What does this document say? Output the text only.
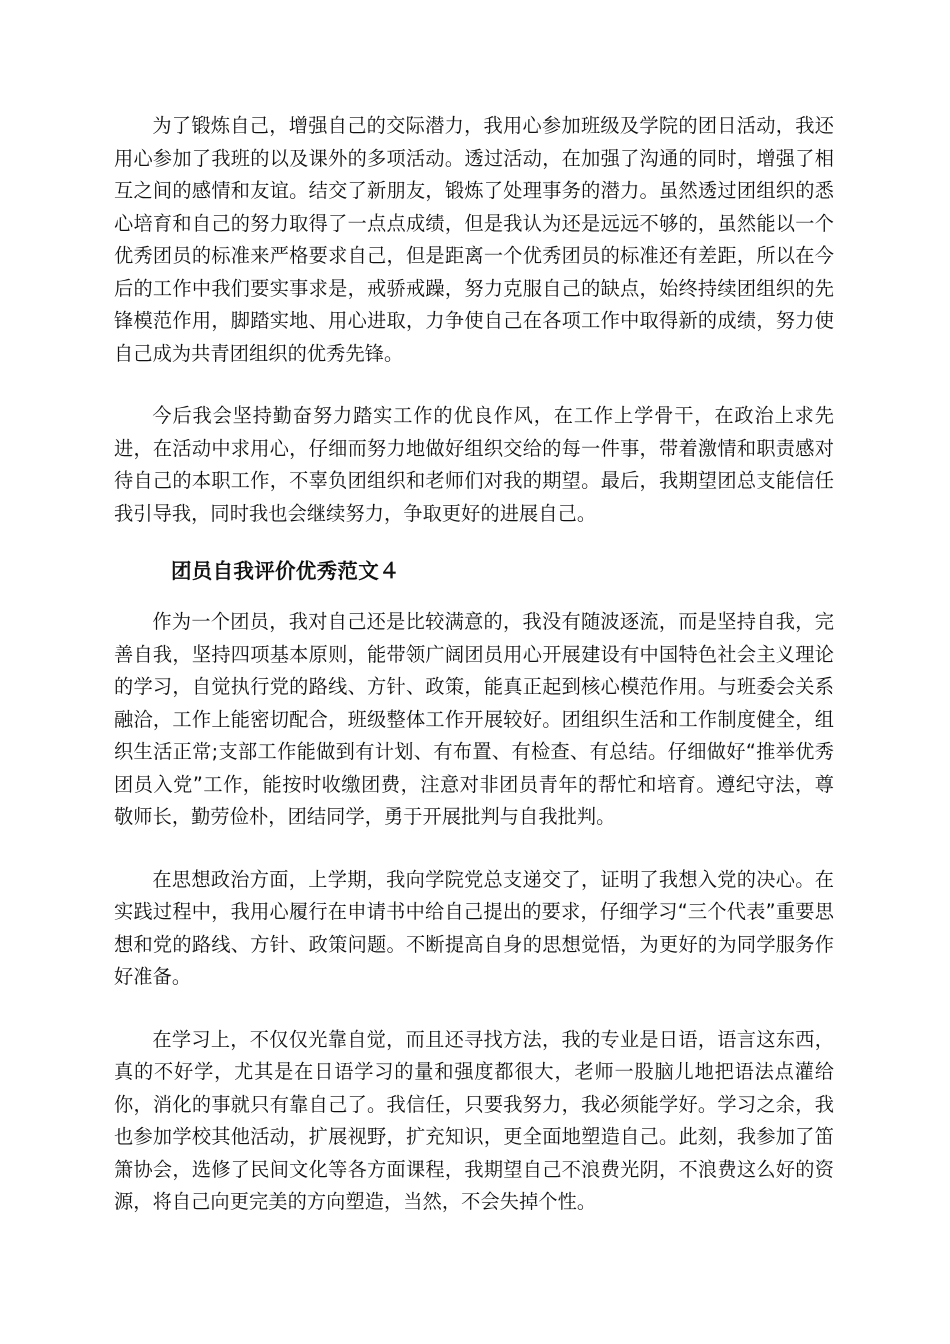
为了锻炼自己，增强自己的交际潜力，我用心参加班级及学院的团日活动，我还用心参加了我班的以及课外的多项活动。透过活动，在加强了沟通的同时，增强了相互之间的感情和友谊。结交了新朋友，锻炼了处理事务的潜力。虽然透过团组织的悉心培育和自己的努力取得了一点点成绩，但是我认为还是远远不够的，虽然能以一个优秀团员的标准来严格要求自己，但是距离一个优秀团员的标准还有差距，所以在今后的工作中我们要实事求是，戒骄戒躁，努力克服自己的缺点，始终持续团组织的先锋模范作用，脚踏实地、用心进取，力争使自己在各项工作中取得新的成绩，努力使自己成为共青团组织的优秀先锋。

今后我会坚持勤奋努力踏实工作的优良作风，在工作上学骨干，在政治上求先进，在活动中求用心，仔细而努力地做好组织交给的每一件事，带着激情和职责感对待自己的本职工作，不辜负团组织和老师们对我的期望。最后，我期望团总支能信任我引导我，同时我也会继续努力，争取更好的进展自己。

团员自我评价优秀范文４

作为一个团员，我对自己还是比较满意的，我没有随波逐流，而是坚持自我，完善自我，坚持四项基本原则，能带领广阔团员用心开展建设有中国特色社会主义理论的学习，自觉执行党的路线、方针、政策，能真正起到核心模范作用。与班委会关系融洽，工作上能密切配合，班级整体工作开展较好。团组织生活和工作制度健全，组织生活正常;支部工作能做到有计划、有布置、有检查、有总结。仔细做好“推举优秀团员入党”工作，能按时收缴团费，注意对非团员青年的帮忙和培育。遵纪守法，尊敬师长，勤劳俭朴，团结同学，勇于开展批判与自我批判。

在思想政治方面，上学期，我向学院党总支递交了，证明了我想入党的决心。在实践过程中，我用心履行在申请书中给自己提出的要求，仔细学习“三个代表”重要思想和党的路线、方针、政策问题。不断提高自身的思想觉悟，为更好的为同学服务作好准备。

在学习上，不仅仅光靠自觉，而且还寻找方法，我的专业是日语，语言这东西，真的不好学，尤其是在日语学习的量和强度都很大，老师一股脑儿地把语法点灌给你，消化的事就只有靠自己了。我信任，只要我努力，我必须能学好。学习之余，我也参加学校其他活动，扩展视野，扩充知识，更全面地塑造自己。此刻，我参加了笛箫协会，选修了民间文化等各方面课程，我期望自己不浪费光阴，不浪费这么好的资源，将自己向更完美的方向塑造，当然，不会失掉个性。
